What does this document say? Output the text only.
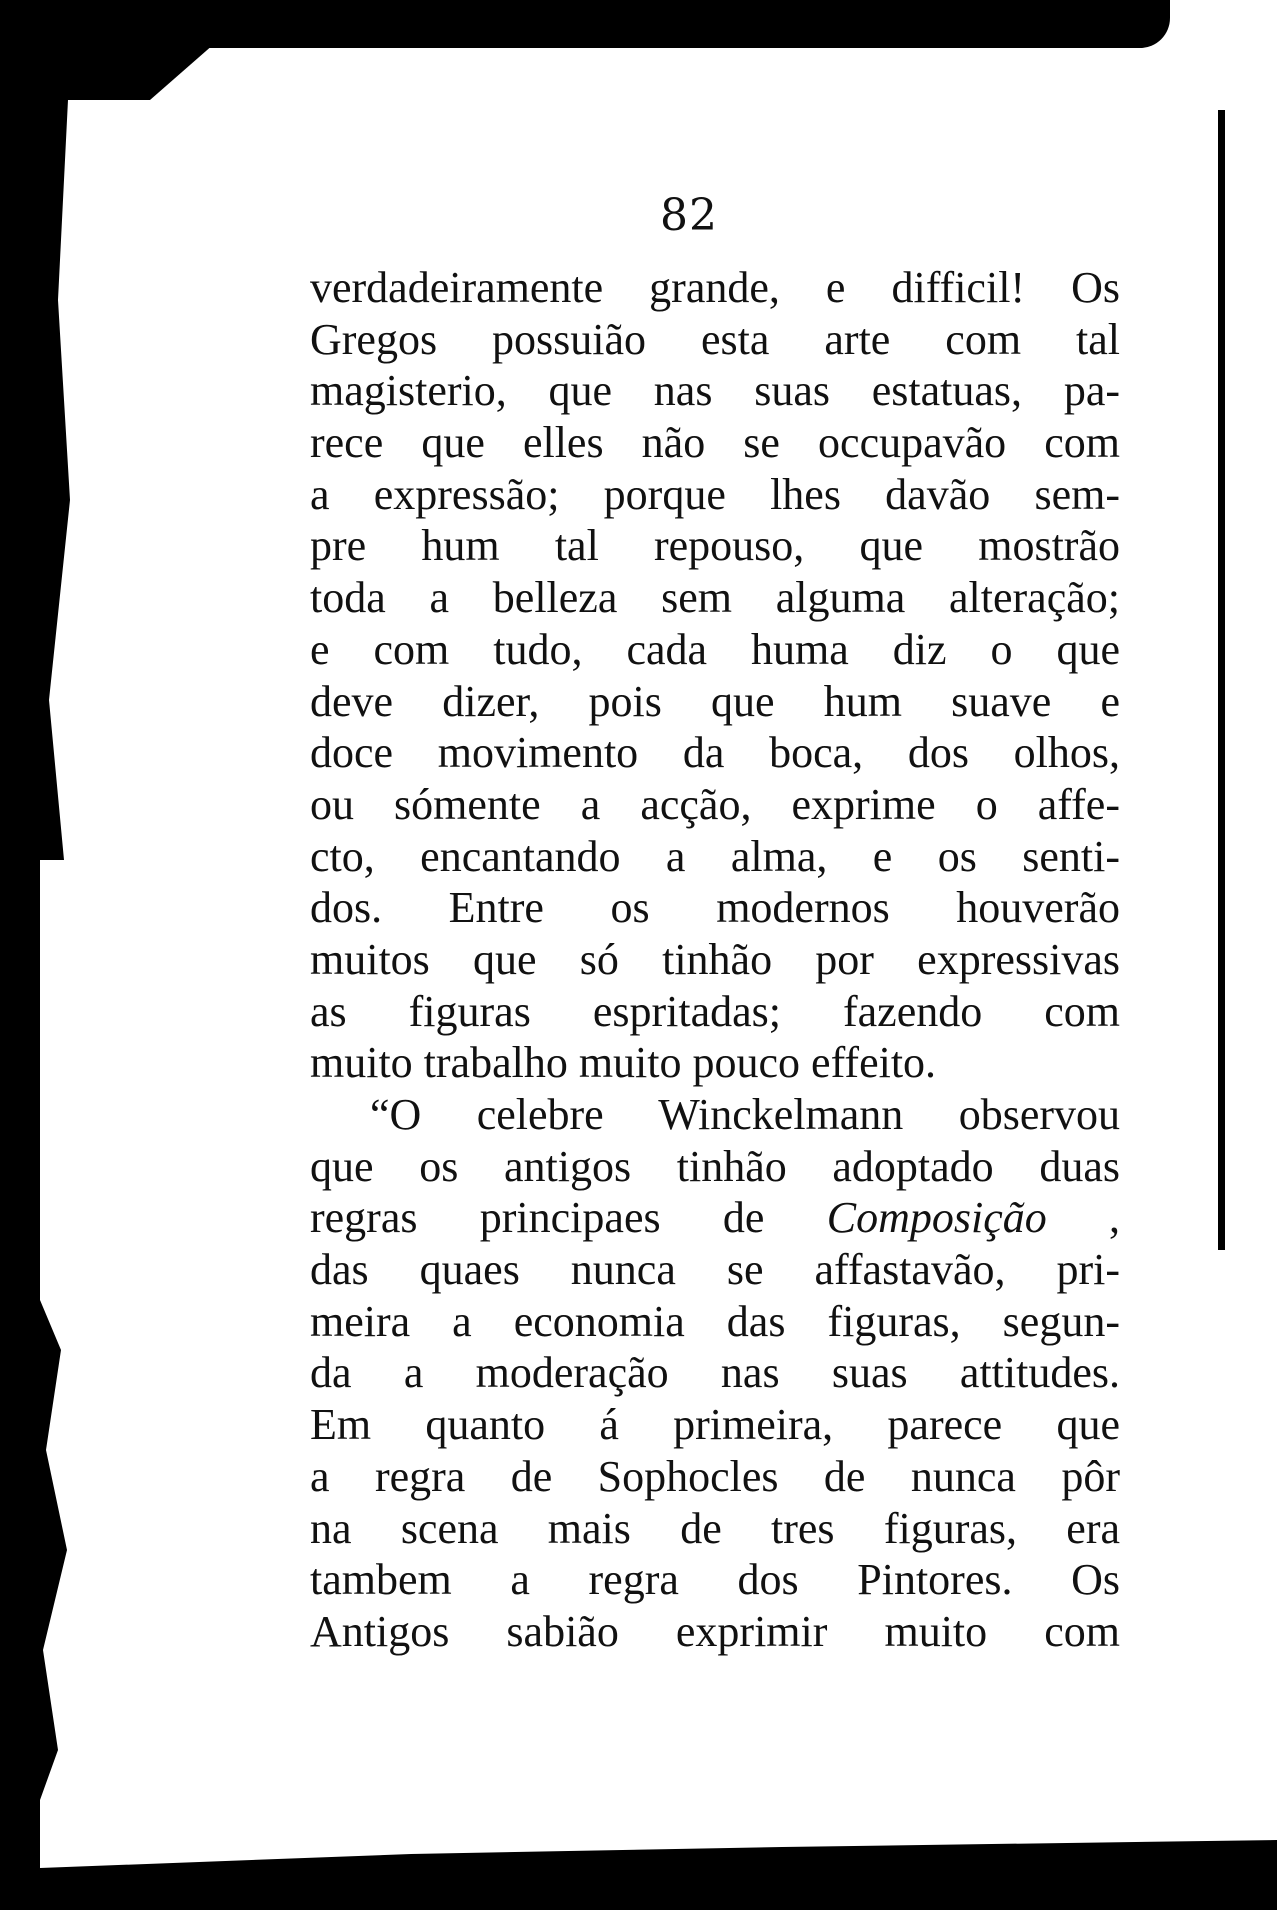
82
verdadeiramente grande, e difficil! Os
Gregos possuião esta arte com tal
magisterio, que nas suas estatuas, pa-
rece que elles não se occupavão com
a expressão; porque lhes davão sem-
pre hum tal repouso, que mostrão
toda a belleza sem alguma alteração;
e com tudo, cada huma diz o que
deve dizer, pois que hum suave e
doce movimento da boca, dos olhos,
ou sómente a acção, exprime o affe-
cto, encantando a alma, e os senti-
dos. Entre os modernos houverão
muitos que só tinhão por expressivas
as figuras espritadas; fazendo com
muito trabalho muito pouco effeito.
“O celebre Winckelmann observou
que os antigos tinhão adoptado duas
regras principaes de Composição ,
das quaes nunca se affastavão, pri-
meira a economia das figuras, segun-
da a moderação nas suas attitudes.
Em quanto á primeira, parece que
a regra de Sophocles de nunca pôr
na scena mais de tres figuras, era
tambem a regra dos Pintores. Os
Antigos sabião exprimir muito com
